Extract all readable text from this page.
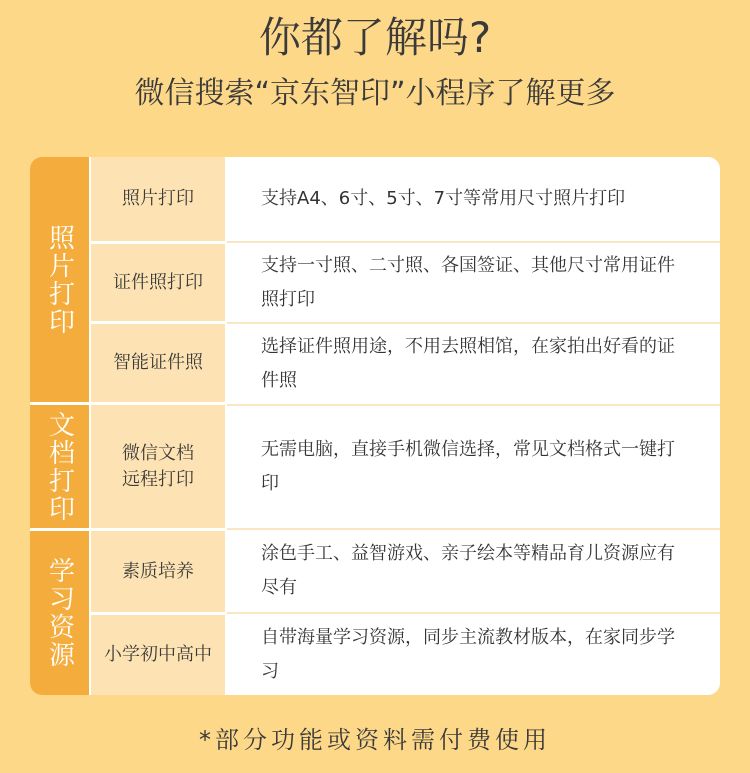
你都了解吗?
微信搜索“京东智印”小程序了解更多
照片打印
文档打印
学习资源
照片打印
证件照打印
智能证件照
微信文档远程打印
素质培养
小学初中高中
支持A4、6寸、5寸、7寸等常用尺寸照片打印
支持一寸照、二寸照、各国签证、其他尺寸常用证件照打印
选择证件照用途，不用去照相馆，在家拍出好看的证件照
无需电脑，直接手机微信选择，常见文档格式一键打印
涂色手工、益智游戏、亲子绘本等精品育儿资源应有尽有
自带海量学习资源，同步主流教材版本，在家同步学习
*部分功能或资料需付费使用
